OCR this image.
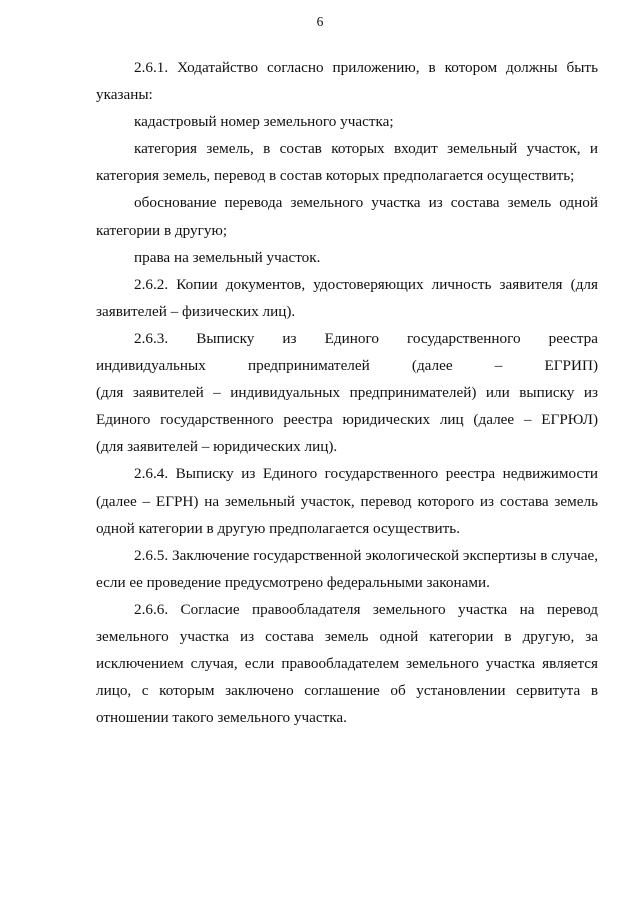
6
2.6.1. Ходатайство согласно приложению, в котором должны быть
указаны:
кадастровый номер земельного участка;
категория земель, в состав которых входит земельный участок, и
категория земель, перевод в состав которых предполагается осуществить;
обоснование перевода земельного участка из состава земель одной
категории в другую;
права на земельный участок.
2.6.2. Копии документов, удостоверяющих личность заявителя (для
заявителей – физических лиц).
2.6.3. Выписку из Единого государственного реестра
индивидуальных предпринимателей (далее – ЕГРИП)
(для заявителей – индивидуальных предпринимателей) или выписку из
Единого государственного реестра юридических лиц (далее – ЕГРЮЛ)
(для заявителей – юридических лиц).
2.6.4. Выписку из Единого государственного реестра недвижимости
(далее – ЕГРН) на земельный участок, перевод которого из состава земель
одной категории в другую предполагается осуществить.
2.6.5. Заключение государственной экологической экспертизы в случае,
если ее проведение предусмотрено федеральными законами.
2.6.6. Согласие правообладателя земельного участка на перевод
земельного участка из состава земель одной категории в другую, за
исключением случая, если правообладателем земельного участка является
лицо, с которым заключено соглашение об установлении сервитута в
отношении такого земельного участка.
